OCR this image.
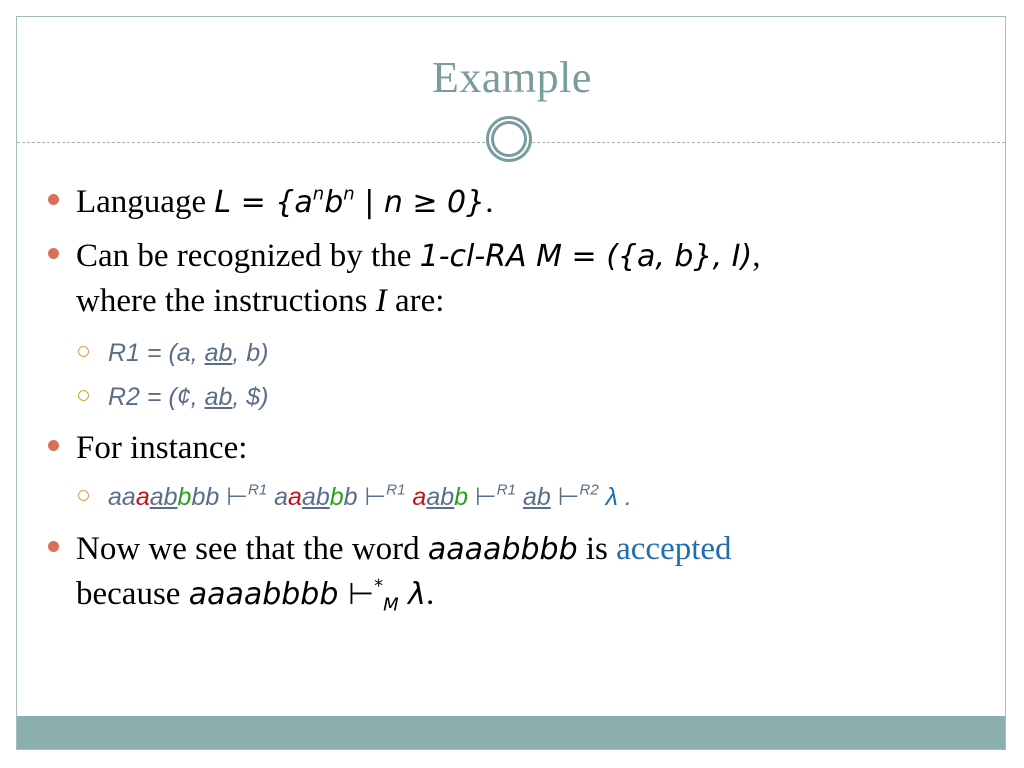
Example
Language $L = \{a^nb^n$ | n ≥ 0}.
Can be recognized by the 1-cl-RA M = ({a, b}, I),
where the instructions I are:
R1 = (a, ab, b)
R2 = (¢, ab, $)
For instance:
aaaabbbb ⊢$^{R1}$ aaabbb ⊢$^{R1}$ aabb ⊢$^{R1}$ ab ⊢$^{R2}$ λ .
Now we see that the word aaaabbbb is accepted
because aaaabbbb $⊢^*_M$ λ.
